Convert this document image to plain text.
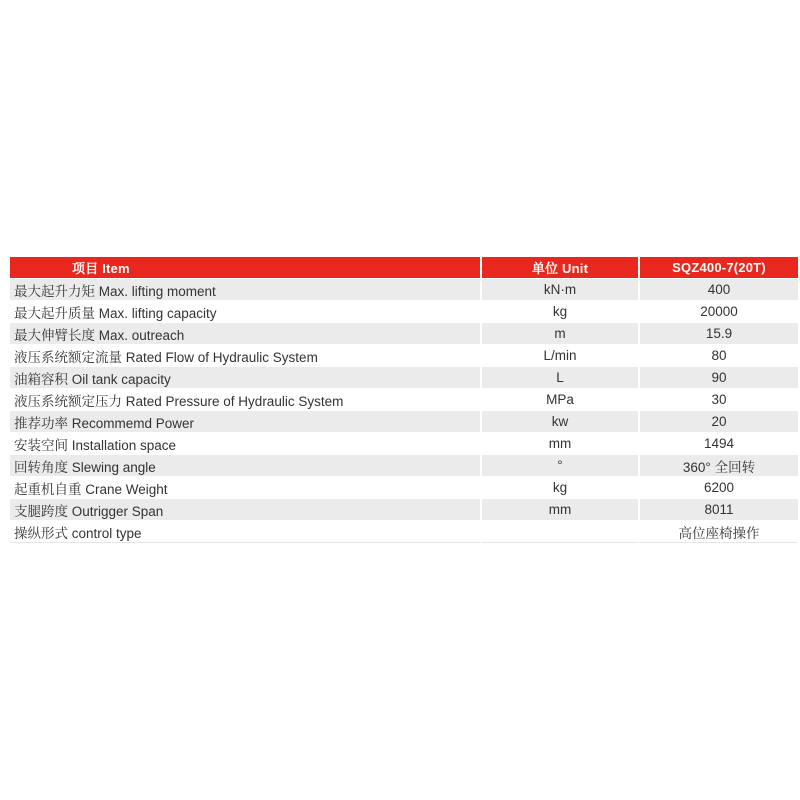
项目 Item	单位 Unit	SQZ400-7(20T)
最大起升力矩 Max. lifting moment	kN·m	400
最大起升质量 Max. lifting capacity	kg	20000
最大伸臂长度 Max. outreach	m	15.9
液压系统额定流量 Rated Flow of Hydraulic System	L/min	80
油箱容积 Oil tank capacity	L	90
液压系统额定压力 Rated Pressure of Hydraulic System	MPa	30
推荐功率 Recommemd Power	kw	20
安装空间 Installation space	mm	1494
回转角度 Slewing angle	°	360° 全回转
起重机自重 Crane Weight	kg	6200
支腿跨度 Outrigger Span	mm	8011
操纵形式 control type		高位座椅操作
